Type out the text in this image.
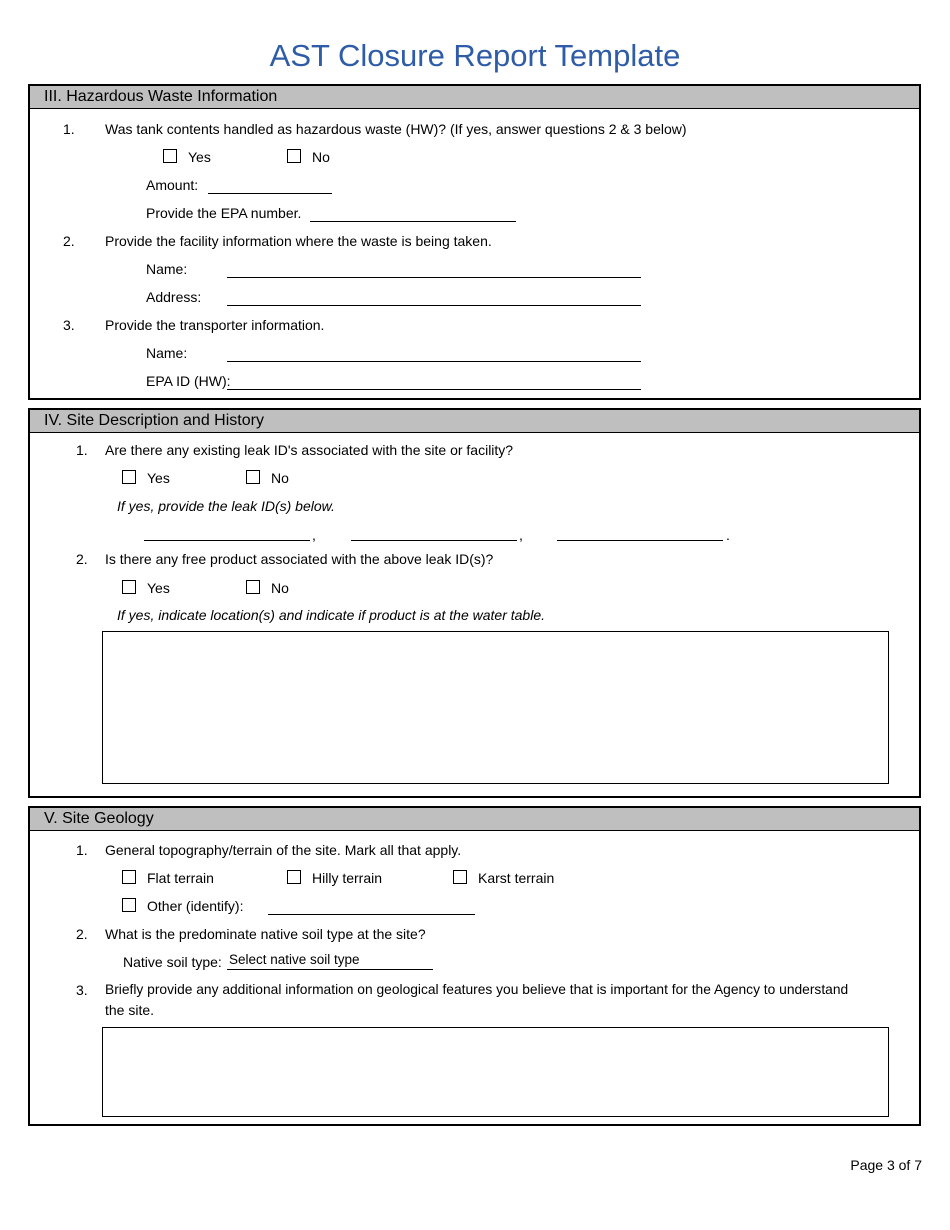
AST Closure Report Template
III. Hazardous Waste Information
1. Was tank contents handled as hazardous waste (HW)? (If yes, answer questions 2 & 3 below)
Yes	No
Amount:
Provide the EPA number.
2. Provide the facility information where the waste is being taken.
Name:
Address:
3. Provide the transporter information.
Name:
EPA ID (HW):
IV. Site Description and History
1. Are there any existing leak ID's associated with the site or facility?
Yes	No
If yes, provide the leak ID(s) below.
,	,	.
2. Is there any free product associated with the above leak ID(s)?
Yes	No
If yes, indicate location(s) and indicate if product is at the water table.
V. Site Geology
1. General topography/terrain of the site. Mark all that apply.
Flat terrain	Hilly terrain	Karst terrain
Other (identify):
2. What is the predominate native soil type at the site?
Native soil type: Select native soil type
3. Briefly provide any additional information on geological features you believe that is important for the Agency to understand
the site.
Page 3 of 7
